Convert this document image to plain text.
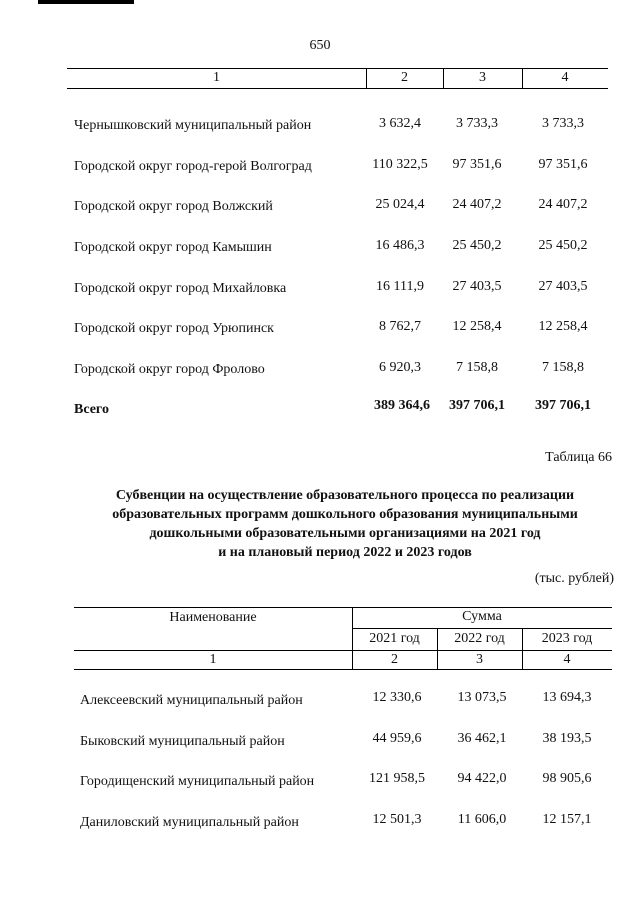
650
1	2	3	4
Чернышковский муниципальный район	3 632,4	3 733,3	3 733,3
Городской округ город-герой Волгоград	110 322,5	97 351,6	97 351,6
Городской округ город Волжский	25 024,4	24 407,2	24 407,2
Городской округ город Камышин	16 486,3	25 450,2	25 450,2
Городской округ город Михайловка	16 111,9	27 403,5	27 403,5
Городской округ город Урюпинск	8 762,7	12 258,4	12 258,4
Городской округ город Фролово	6 920,3	7 158,8	7 158,8
Всего	389 364,6	397 706,1	397 706,1
Таблица 66
Субвенции на осуществление образовательного процесса по реализации
образовательных программ дошкольного образования муниципальными
дошкольными образовательными организациями на 2021 год
и на плановый период 2022 и 2023 годов
(тыс. рублей)
Наименование	Сумма
2021 год	2022 год	2023 год
1	2	3	4
Алексеевский муниципальный район	12 330,6	13 073,5	13 694,3
Быковский муниципальный район	44 959,6	36 462,1	38 193,5
Городищенский муниципальный район	121 958,5	94 422,0	98 905,6
Даниловский муниципальный район	12 501,3	11 606,0	12 157,1
